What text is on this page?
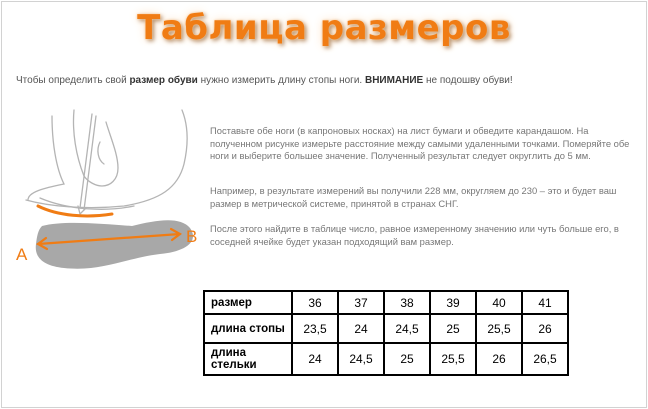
Таблица размеров
Чтобы определить свой размер обуви нужно измерить длину стопы ноги. ВНИМАНИЕ не подошву обуви!
A
B
Поставьте обе ноги (в капроновых носках) на лист бумаги и обведите карандашом. На полученном рисунке измерьте расстояние между самыми удаленными точками. Померяйте обе ноги и выберите большее значение. Полученный результат следует округлить до 5 мм.
Например, в результате измерений вы получили 228 мм, округляем до 230 – это и будет ваш размер в метрической системе, принятой в странах СНГ.
После этого найдите в таблице число, равное измеренному значению или чуть больше его, в соседней ячейке будет указан подходящий вам размер.
размер	36	37	38	39	40	41
длина стопы	23,5	24	24,5	25	25,5	26
длина стельки	24	24,5	25	25,5	26	26,5
